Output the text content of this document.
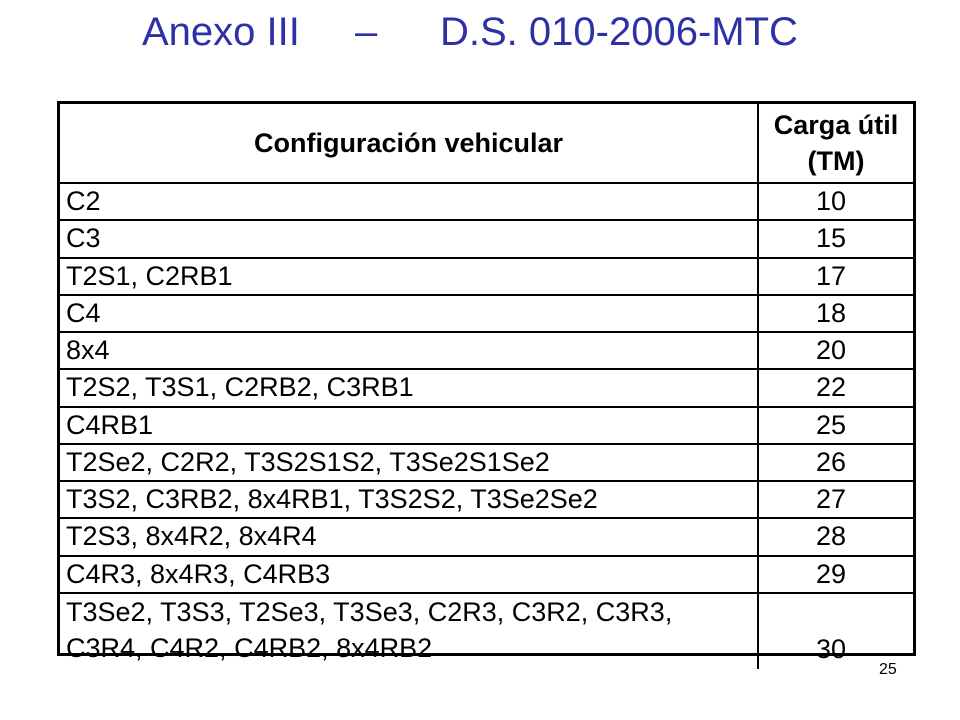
Anexo III – D.S. 010-2006-MTC
Configuración vehicular	Carga útil
(TM)

C2	10
C3	15
T2S1, C2RB1	17
C4	18
8x4	20
T2S2, T3S1, C2RB2, C3RB1	22
C4RB1	25
T2Se2, C2R2, T3S2S1S2, T3Se2S1Se2	26
T3S2, C3RB2, 8x4RB1, T3S2S2, T3Se2Se2	27
T2S3, 8x4R2, 8x4R4	28
C4R3, 8x4R3, C4RB3	29

T3Se2, T3S3, T2Se3, T3Se3, C2R3, C3R2, C3R3,
C3R4, C4R2, C4RB2, 8x4RB2	30
25
